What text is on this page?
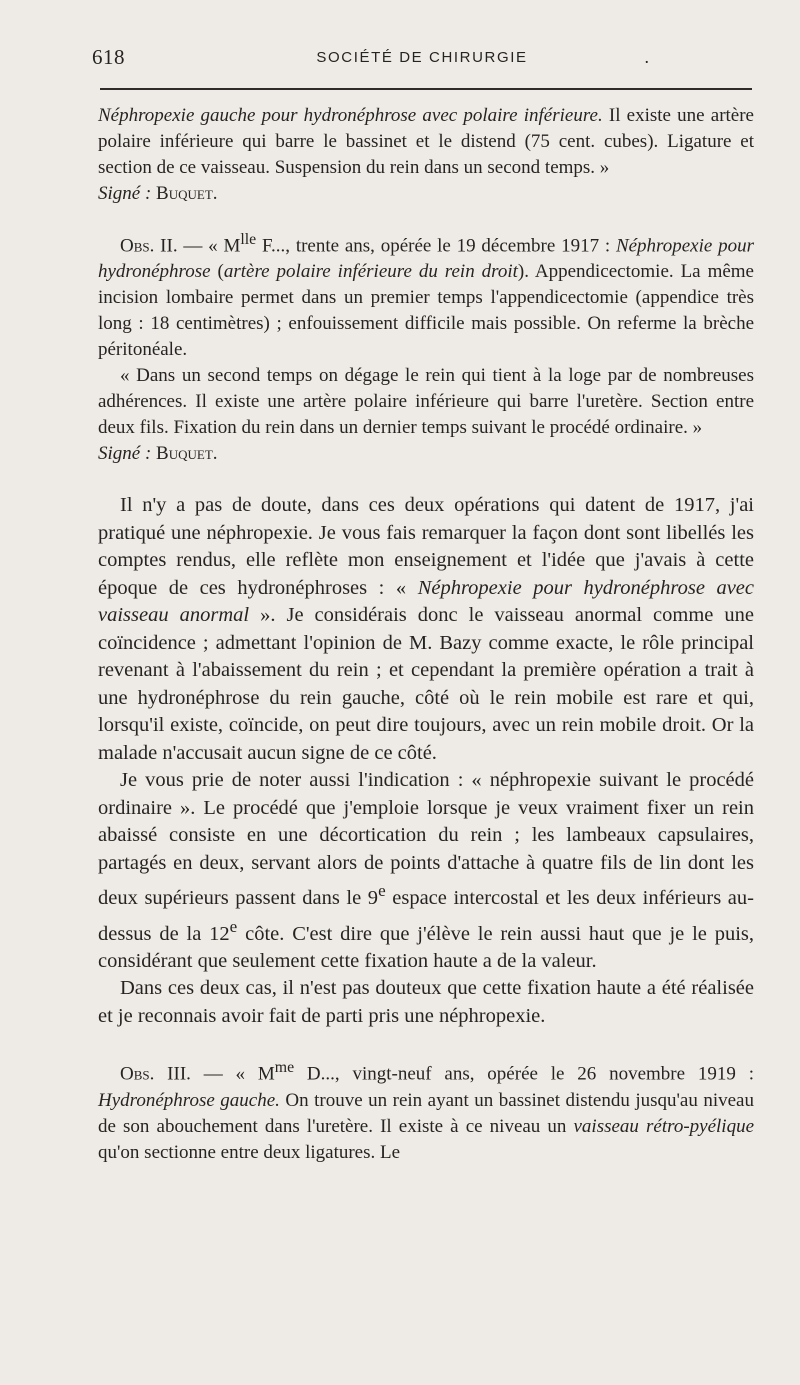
618	SOCIÉTÉ DE CHIRURGIE	.

Néphropexie gauche pour hydronéphrose avec polaire inférieure. Il existe une artère polaire inférieure qui barre le bassinet et le distend (75 cent. cubes). Ligature et section de ce vaisseau. Suspension du rein dans un second temps. »

Signé : Buquet.

Obs. II. — « $M^{lle}$ F..., trente ans, opérée le 19 décembre 1917 : Néphropexie pour hydronéphrose (artère polaire inférieure du rein droit). Appendicectomie. La même incision lombaire permet dans un premier temps l'appendicectomie (appendice très long : 18 centimètres) ; enfouissement difficile mais possible. On referme la brèche péritonéale.

« Dans un second temps on dégage le rein qui tient à la loge par de nombreuses adhérences. Il existe une artère polaire inférieure qui barre l'uretère. Section entre deux fils. Fixation du rein dans un dernier temps suivant le procédé ordinaire. »

Signé : Buquet.

Il n'y a pas de doute, dans ces deux opérations qui datent de 1917, j'ai pratiqué une néphropexie. Je vous fais remarquer la façon dont sont libellés les comptes rendus, elle reflète mon enseignement et l'idée que j'avais à cette époque de ces hydronéphroses : « Néphropexie pour hydronéphrose avec vaisseau anormal ». Je considérais donc le vaisseau anormal comme une coïncidence ; admettant l'opinion de M. Bazy comme exacte, le rôle principal revenant à l'abaissement du rein ; et cependant la première opération a trait à une hydronéphrose du rein gauche, côté où le rein mobile est rare et qui, lorsqu'il existe, coïncide, on peut dire toujours, avec un rein mobile droit. Or la malade n'accusait aucun signe de ce côté.

Je vous prie de noter aussi l'indication : « néphropexie suivant le procédé ordinaire ». Le procédé que j'emploie lorsque je veux vraiment fixer un rein abaissé consiste en une décortication du rein ; les lambeaux capsulaires, partagés en deux, servant alors de points d'attache à quatre fils de lin dont les deux supérieurs passent dans le 9e espace intercostal et les deux inférieurs au-dessus de la 12e côte. C'est dire que j'élève le rein aussi haut que je le puis, considérant que seulement cette fixation haute a de la valeur.

Dans ces deux cas, il n'est pas douteux que cette fixation haute a été réalisée et je reconnais avoir fait de parti pris une néphropexie.

Obs. III. — « $M^{me}$ D..., vingt-neuf ans, opérée le 26 novembre 1919 : Hydronéphrose gauche. On trouve un rein ayant un bassinet distendu jusqu'au niveau de son abouchement dans l'uretère. Il existe à ce niveau un vaisseau rétro-pyélique qu'on sectionne entre deux ligatures. Le
